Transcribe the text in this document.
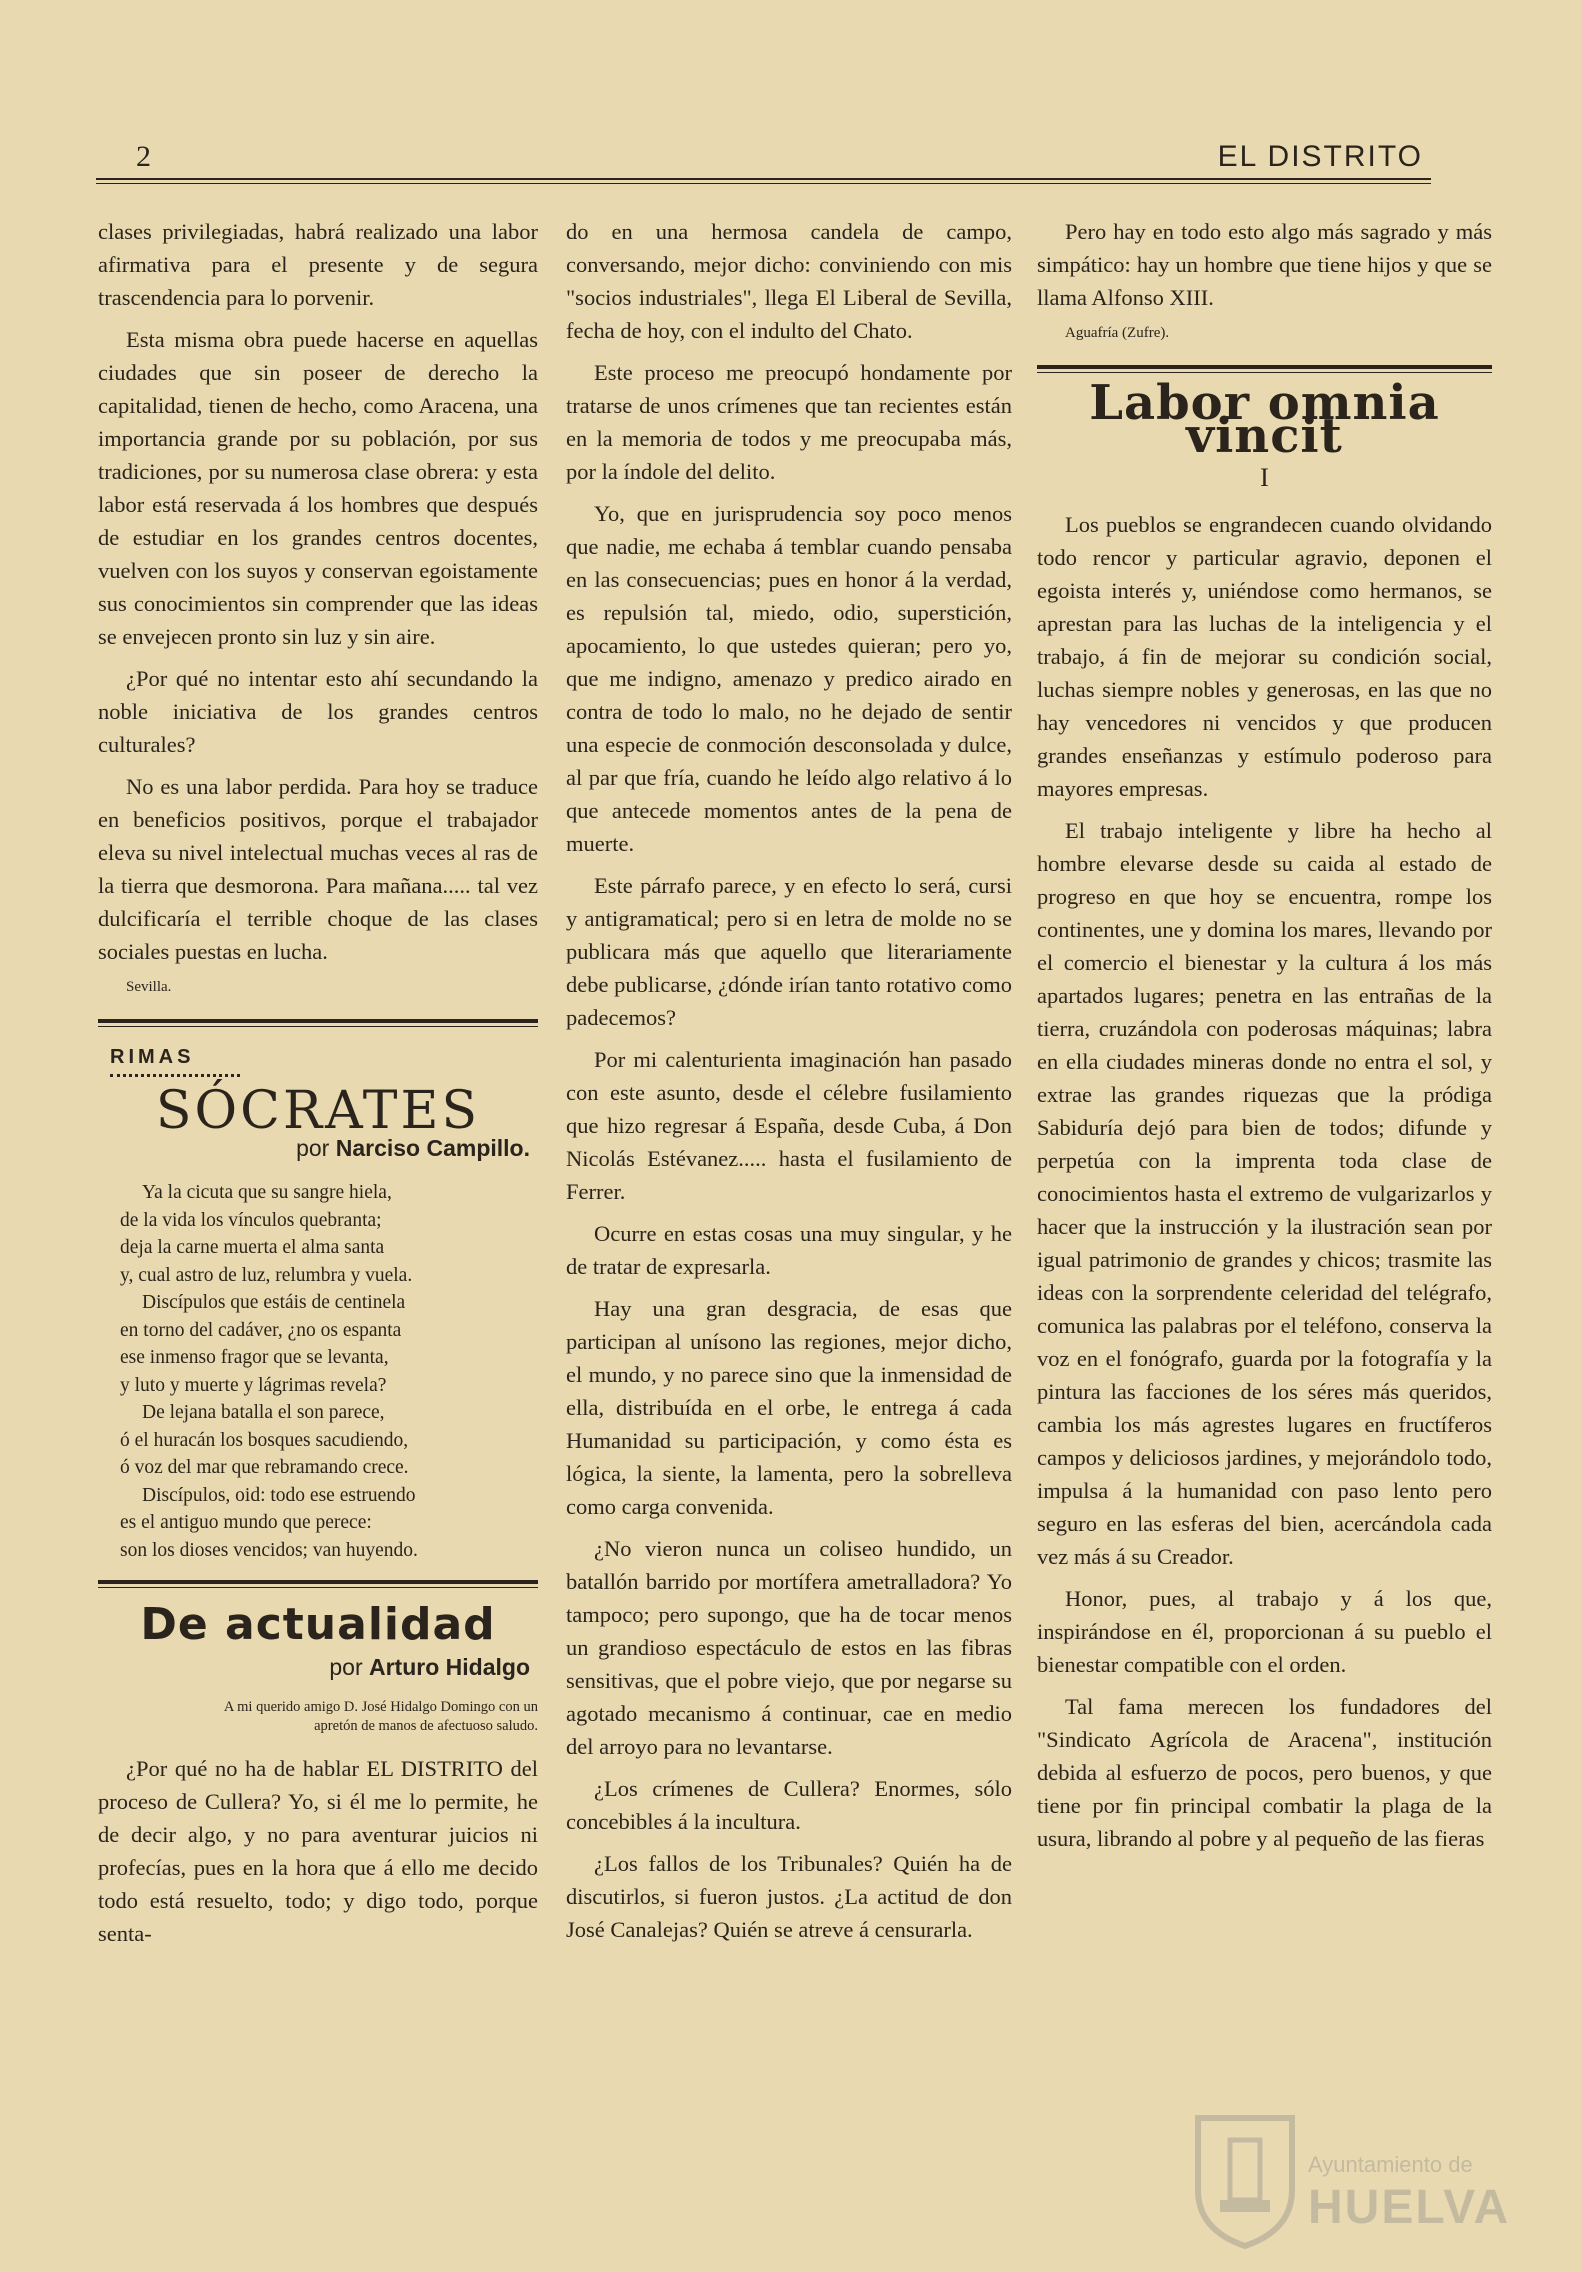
2	EL DISTRITO

clases privilegiadas, habrá realizado una labor afirmativa para el presente y de segura trascendencia para lo porvenir.

Esta misma obra puede hacerse en aquellas ciudades que sin poseer de derecho la capitalidad, tienen de hecho, como Aracena, una importancia grande por su población, por sus tradiciones, por su numerosa clase obrera: y esta labor está reservada á los hombres que después de estudiar en los grandes centros docentes, vuelven con los suyos y conservan egoistamente sus conocimientos sin comprender que las ideas se envejecen pronto sin luz y sin aire.

¿Por qué no intentar esto ahí secundando la noble iniciativa de los grandes centros culturales?

No es una labor perdida. Para hoy se traduce en beneficios positivos, porque el trabajador eleva su nivel intelectual muchas veces al ras de la tierra que desmorona. Para mañana..... tal vez dulcificaría el terrible choque de las clases sociales puestas en lucha.

Sevilla.
RIMAS
SÓCRATES
por Narciso Campillo.
Ya la cicuta que su sangre hiela,
de la vida los vínculos quebranta;
deja la carne muerta el alma santa
y, cual astro de luz, relumbra y vuela.
Discípulos que estáis de centinela
en torno del cadáver, ¿no os espanta
ese inmenso fragor que se levanta,
y luto y muerte y lágrimas revela?
De lejana batalla el son parece,
ó el huracán los bosques sacudiendo,
ó voz del mar que rebramando crece.
Discípulos, oid: todo ese estruendo
es el antiguo mundo que perece:
son los dioses vencidos; van huyendo.
De actualidad
por Arturo Hidalgo
A mi querido amigo D. José Hidalgo Domingo con un apretón de manos de afectuoso saludo.

¿Por qué no ha de hablar EL DISTRITO del proceso de Cullera? Yo, si él me lo permite, he de decir algo, y no para aventurar juicios ni profecías, pues en la hora que á ello me decido todo está resuelto, todo; y digo todo, porque senta-

do en una hermosa candela de campo, conversando, mejor dicho: conviniendo con mis "socios industriales", llega El Liberal de Sevilla, fecha de hoy, con el indulto del Chato.

Este proceso me preocupó hondamente por tratarse de unos crímenes que tan recientes están en la memoria de todos y me preocupaba más, por la índole del delito.

Yo, que en jurisprudencia soy poco menos que nadie, me echaba á temblar cuando pensaba en las consecuencias; pues en honor á la verdad, es repulsión tal, miedo, odio, superstición, apocamiento, lo que ustedes quieran; pero yo, que me indigno, amenazo y predico airado en contra de todo lo malo, no he dejado de sentir una especie de conmoción desconsolada y dulce, al par que fría, cuando he leído algo relativo á lo que antecede momentos antes de la pena de muerte.

Este párrafo parece, y en efecto lo será, cursi y antigramatical; pero si en letra de molde no se publicara más que aquello que literariamente debe publicarse, ¿dónde irían tanto rotativo como padecemos?

Por mi calenturienta imaginación han pasado con este asunto, desde el célebre fusilamiento que hizo regresar á España, desde Cuba, á Don Nicolás Estévanez..... hasta el fusilamiento de Ferrer.

Ocurre en estas cosas una muy singular, y he de tratar de expresarla.

Hay una gran desgracia, de esas que participan al unísono las regiones, mejor dicho, el mundo, y no parece sino que la inmensidad de ella, distribuída en el orbe, le entrega á cada Humanidad su participación, y como ésta es lógica, la siente, la lamenta, pero la sobrelleva como carga convenida.

¿No vieron nunca un coliseo hundido, un batallón barrido por mortífera ametralladora? Yo tampoco; pero supongo, que ha de tocar menos un grandioso espectáculo de estos en las fibras sensitivas, que el pobre viejo, que por negarse su agotado mecanismo á continuar, cae en medio del arroyo para no levantarse.

¿Los crímenes de Cullera? Enormes, sólo concebibles á la incultura.

¿Los fallos de los Tribunales? Quién ha de discutirlos, si fueron justos. ¿La actitud de don José Canalejas? Quién se atreve á censurarla.

Pero hay en todo esto algo más sagrado y más simpático: hay un hombre que tiene hijos y que se llama Alfonso XIII.

Aguafría (Zufre).
Labor omnia vincit
I

Los pueblos se engrandecen cuando olvidando todo rencor y particular agravio, deponen el egoista interés y, uniéndose como hermanos, se aprestan para las luchas de la inteligencia y el trabajo, á fin de mejorar su condición social, luchas siempre nobles y generosas, en las que no hay vencedores ni vencidos y que producen grandes enseñanzas y estímulo poderoso para mayores empresas.

El trabajo inteligente y libre ha hecho al hombre elevarse desde su caida al estado de progreso en que hoy se encuentra, rompe los continentes, une y domina los mares, llevando por el comercio el bienestar y la cultura á los más apartados lugares; penetra en las entrañas de la tierra, cruzándola con poderosas máquinas; labra en ella ciudades mineras donde no entra el sol, y extrae las grandes riquezas que la pródiga Sabiduría dejó para bien de todos; difunde y perpetúa con la imprenta toda clase de conocimientos hasta el extremo de vulgarizarlos y hacer que la instrucción y la ilustración sean por igual patrimonio de grandes y chicos; trasmite las ideas con la sorprendente celeridad del telégrafo, comunica las palabras por el teléfono, conserva la voz en el fonógrafo, guarda por la fotografía y la pintura las facciones de los séres más queridos, cambia los más agrestes lugares en fructíferos campos y deliciosos jardines, y mejorándolo todo, impulsa á la humanidad con paso lento pero seguro en las esferas del bien, acercándola cada vez más á su Creador.

Honor, pues, al trabajo y á los que, inspirándose en él, proporcionan á su pueblo el bienestar compatible con el orden.

Tal fama merecen los fundadores del "Sindicato Agrícola de Aracena", institución debida al esfuerzo de pocos, pero buenos, y que tiene por fin principal combatir la plaga de la usura, librando al pobre y al pequeño de las fieras

Ayuntamiento de
HUELVA
